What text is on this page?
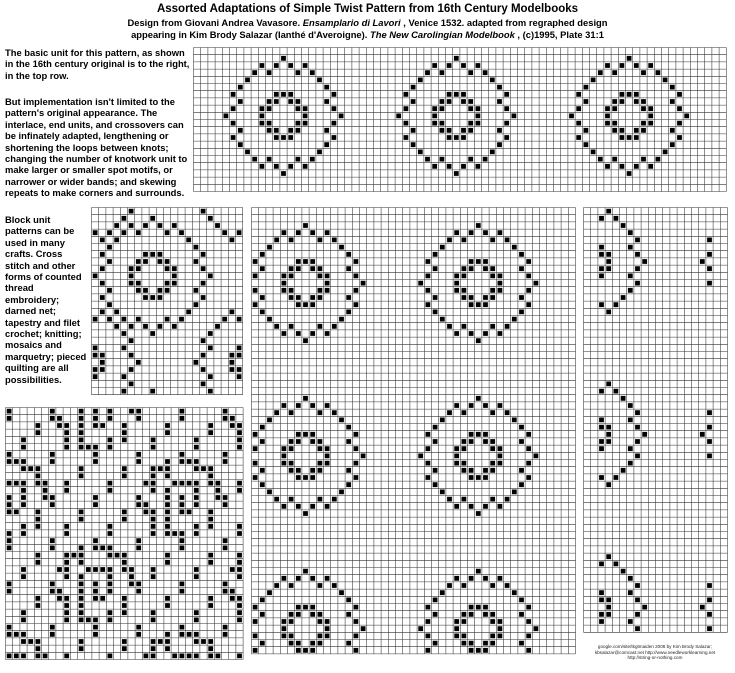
Assorted Adaptations of Simple Twist Pattern from 16th Century Modelbooks
Design from Giovani Andrea Vavasore. Ensamplario di Lavori , Venice 1532. adapted from regraphed design
appearing in Kim Brody Salazar (Ianthé d'Averoigne). The New Carolingian Modelbook , (c)1995, Plate 31:1
The basic unit for this pattern, as shown in the 16th century original is to the right, in the top row.
But implementation isn't limited to the pattern's original appearance. The interlace, end units, and crossovers can be infinately adapted, lengthening or shortening the loops between knots; changing the number of knotwork unit to make larger or smaller spot motifs, or narrower or wider bands; and skewing repeats to make corners and surrounds.
Block unit patterns can be used in many crafts. Cross stitch and other forms of counted thread embroidery; darned net; tapestry and filet crochet; knitting; mosaics and marquetry; pieced quilting are all possibilities.
google.com/site/tkgtmaiden 2006 by Kim Brody Salazar; kbsalazar@comcast.net http://www.needleworklearning.net http://string-or-nothing.com
